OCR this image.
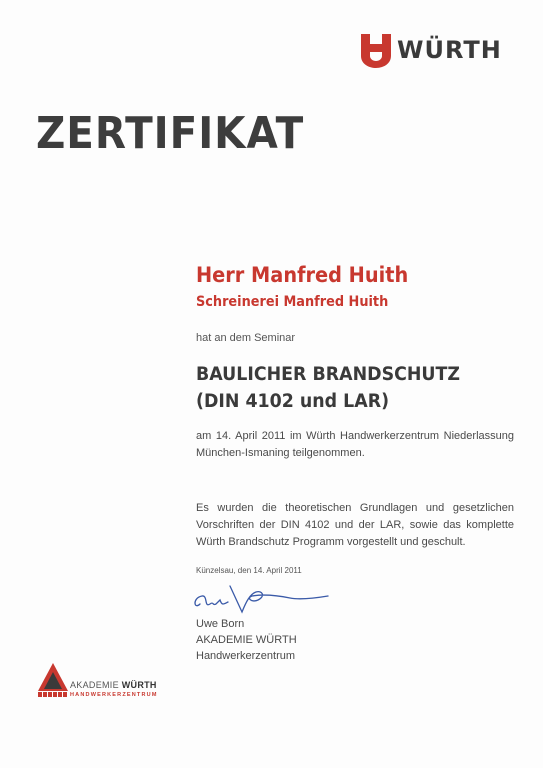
WÜRTH
ZERTIFIKAT
Herr Manfred Huith
Schreinerei Manfred Huith
hat an dem Seminar
BAULICHER BRANDSCHUTZ
(DIN 4102 und LAR)
am 14. April 2011 im Würth Handwerkerzentrum Niederlassung München-Ismaning teilgenommen.
Es wurden die theoretischen Grundlagen und gesetzlichen Vorschriften der DIN 4102 und der LAR, sowie das komplette Würth Brandschutz Programm vorgestellt und geschult.
Künzelsau, den 14. April 2011
Uwe Born
AKADEMIE WÜRTH
Handwerkerzentrum
AKADEMIE WÜRTH
HANDWERKERZENTRUM
